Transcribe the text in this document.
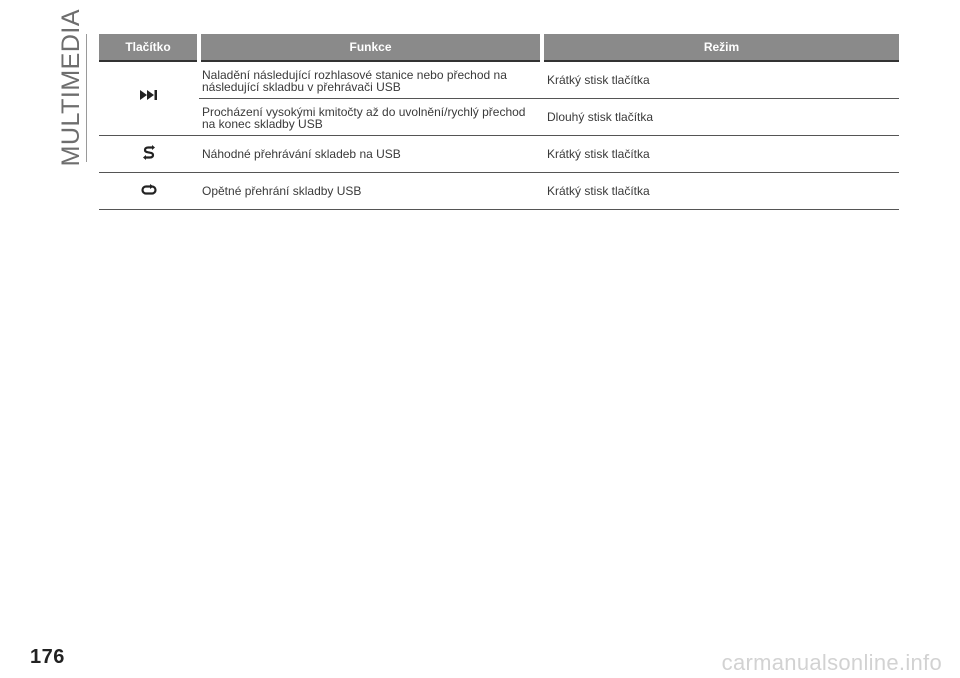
MULTIMEDIA	Tlačítko	Funkce	Režim

Naladění následující rozhlasové stanice nebo přechod na
následující skladbu v přehrávači USB	Krátký stisk tlačítka

	Procházení vysokými kmitočty až do uvolnění/rychlý přechod
na konec skladby USB	Dlouhý stisk tlačítka
	Náhodné přehrávání skladeb na USB	Krátký stisk tlačítka
	Opětné přehrání skladby USB	Krátký stisk tlačítka
176	carmanualsonline.info
